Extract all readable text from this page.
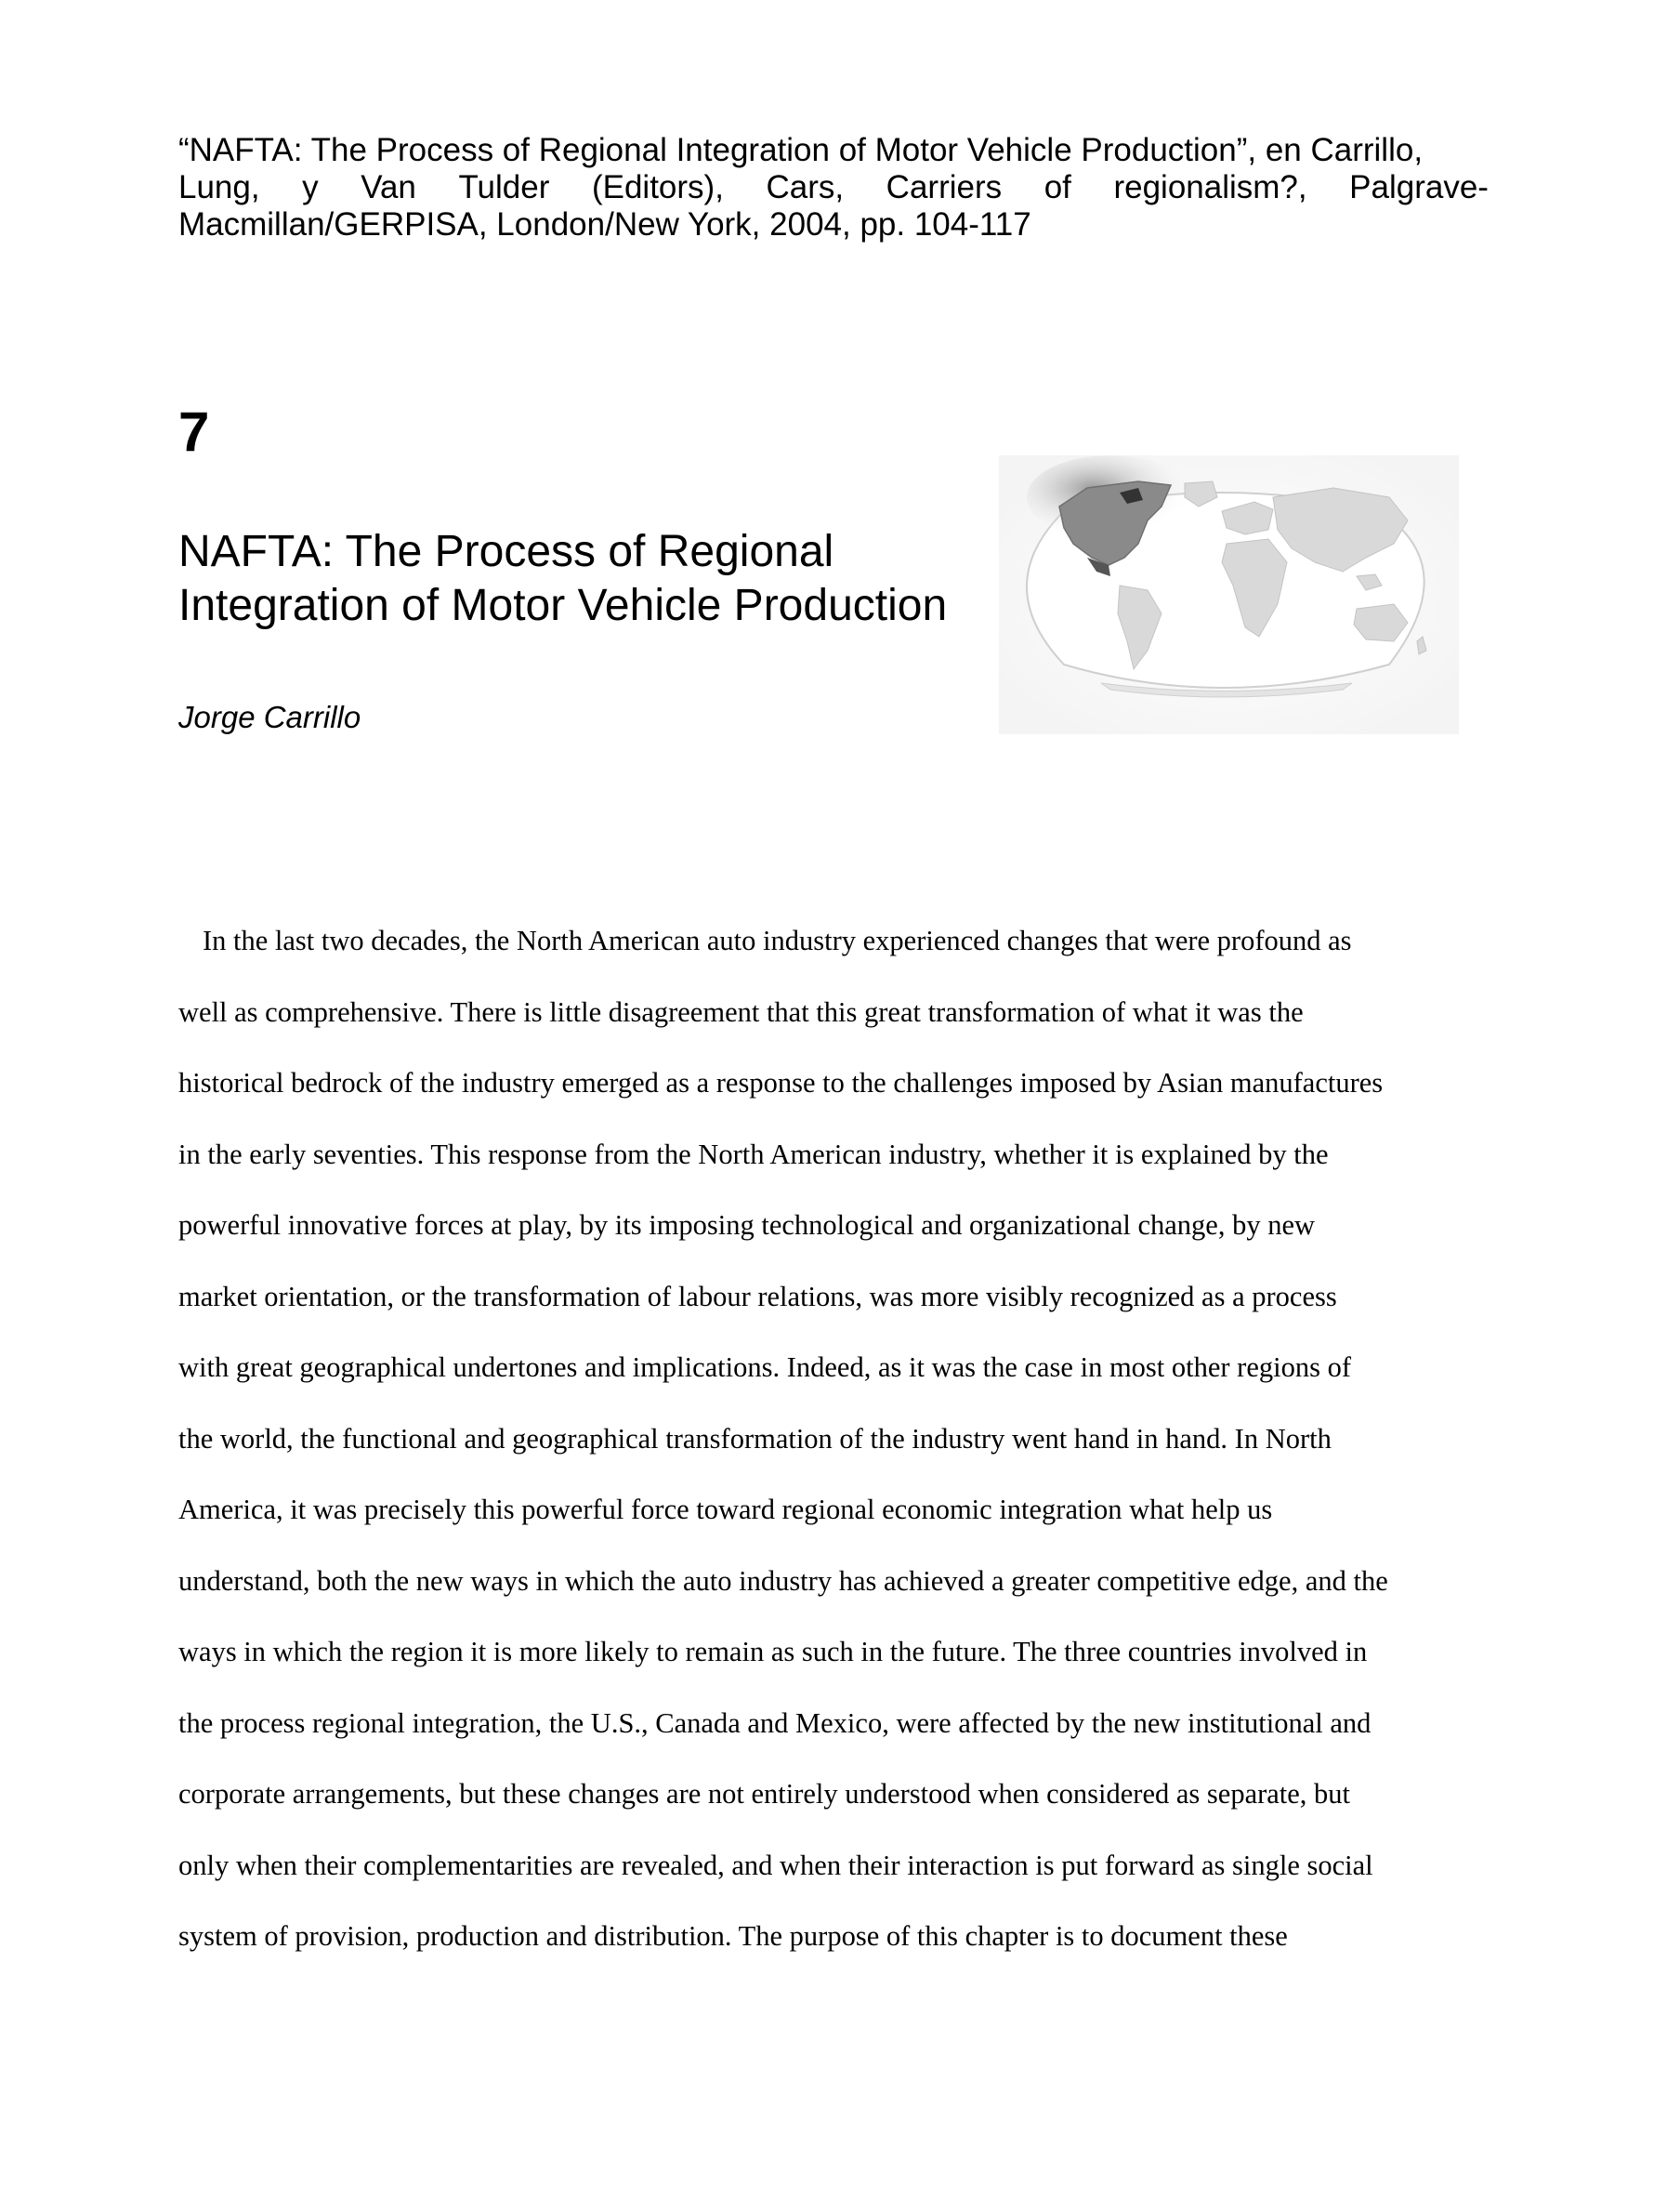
“NAFTA: The Process of Regional Integration of Motor Vehicle Production”, en Carrillo,
Lung, y Van Tulder (Editors), Cars, Carriers of regionalism?, Palgrave-
Macmillan/GERPISA, London/New York, 2004, pp. 104-117
7
NAFTA: The Process of Regional
Integration of Motor Vehicle Production
Jorge Carrillo
In the last two decades, the North American auto industry experienced changes that were profound as
well as comprehensive. There is little disagreement that this great transformation of what it was the
historical bedrock of the industry emerged as a response to the challenges imposed by Asian manufactures
in the early seventies. This response from the North American industry, whether it is explained by the
powerful innovative forces at play, by its imposing technological and organizational change, by new
market orientation, or the transformation of labour relations, was more visibly recognized as a process
with great geographical undertones and implications. Indeed, as it was the case in most other regions of
the world, the functional and geographical transformation of the industry went hand in hand. In North
America, it was precisely this powerful force toward regional economic integration what help us
understand, both the new ways in which the auto industry has achieved a greater competitive edge, and the
ways in which the region it is more likely to remain as such in the future. The three countries involved in
the process regional integration, the U.S., Canada and Mexico, were affected by the new institutional and
corporate arrangements, but these changes are not entirely understood when considered as separate, but
only when their complementarities are revealed, and when their interaction is put forward as single social
system of provision, production and distribution. The purpose of this chapter is to document these
